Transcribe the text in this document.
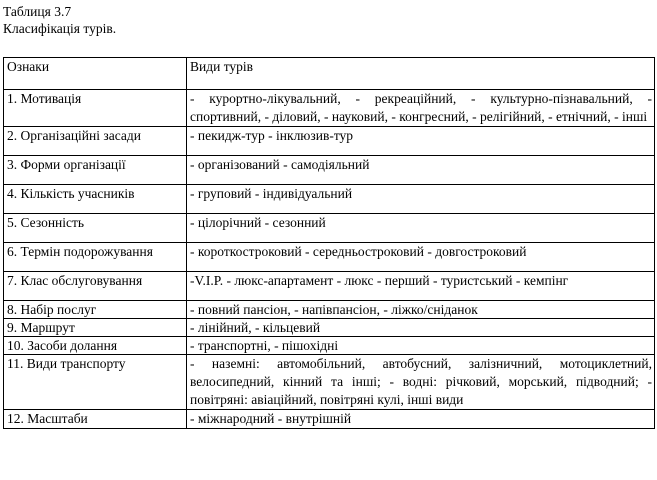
Таблиця 3.7
Класифікація турів.
Ознаки	Види турів
1. Мотивація	- курортно-лікувальний, - рекреаційний, - культурно-пізнавальний, - спортивний, - діловий, - науковий, - конгресний, - релігійний, - етнічний, - інші
2. Організаційні засади	- пекидж-тур - інклюзив-тур
3. Форми організації	- організований - самодіяльний
4. Кількість учасників	- груповий - індивідуальний
5. Сезонність	- цілорічний - сезонний
6. Термін подорожування	- короткостроковий - середньостроковий - довгостроковий
7. Клас обслуговування	-V.I.P. - люкс-апартамент - люкс - перший - туристський - кемпінг
8. Набір послуг	- повний пансіон, - напівпансіон, - ліжко/сніданок
9. Маршрут	- лінійний, - кільцевий
10. Засоби долання	- транспортні, - пішохідні
11. Види транспорту	- наземні: автомобільний, автобусний, залізничний, мотоциклетний, велосипедний, кінний та інші; - водні: річковий, морський, підводний; - повітряні: авіаційний, повітряні кулі, інші види
12. Масштаби	- міжнародний - внутрішній
